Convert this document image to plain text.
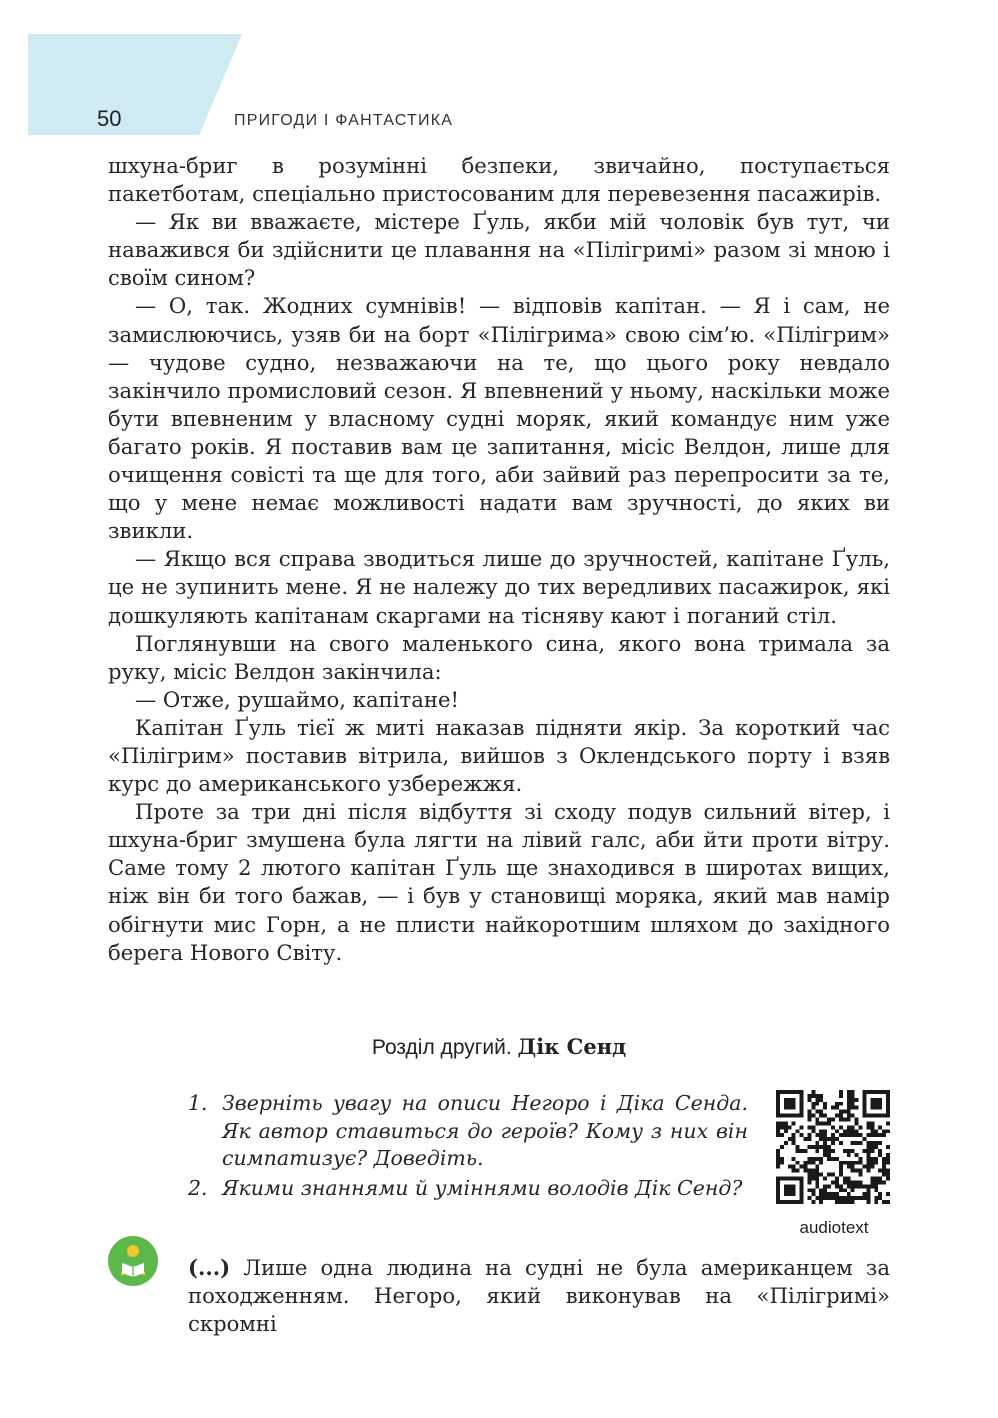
50	ПРИГОДИ І ФАНТАСТИКА

шхуна-бриг в розумінні безпеки, звичайно, поступається пакетботам, спеціально пристосованим для перевезення пасажирів.

— Як ви вважаєте, містере Ґуль, якби мій чоловік був тут, чи наважився би здійснити це плавання на «Пілігримі» разом зі мною і своїм сином?

— О, так. Жодних сумнівів! — відповів капітан. — Я і сам, не замислюючись, узяв би на борт «Пілігрима» свою сім’ю. «Пілігрим» — чудове судно, незважаючи на те, що цього року невдало закінчило промисловий сезон. Я впевнений у ньому, наскільки може бути впевненим у власному судні моряк, який командує ним уже багато років. Я поставив вам це запитання, місіс Велдон, лише для очищення совісті та ще для того, аби зайвий раз перепросити за те, що у мене немає можливості надати вам зручності, до яких ви звикли.

— Якщо вся справа зводиться лише до зручностей, капітане Ґуль, це не зупинить мене. Я не належу до тих вередливих пасажирок, які дошкуляють капітанам скаргами на тісняву кают і поганий стіл.

Поглянувши на свого маленького сина, якого вона тримала за руку, місіс Велдон закінчила:

— Отже, рушаймо, капітане!

Капітан Ґуль тієї ж миті наказав підняти якір. За короткий час «Пілігрим» поставив вітрила, вийшов з Оклендського порту і взяв курс до американського узбережжя.

Проте за три дні після відбуття зі сходу подув сильний вітер, і шхуна-бриг змушена була лягти на лівий галс, аби йти проти вітру. Саме тому 2 лютого капітан Ґуль ще знаходився в широтах вищих, ніж він би того бажав, — і був у становищі моряка, який мав намір обігнути мис Горн, а не плисти найкоротшим шляхом до західного берега Нового Світу.

Розділ другий. Дік Сенд
1. Зверніть увагу на описи Негоро і Діка Сенда. Як автор ставиться до героїв? Кому з них він симпатизує? Доведіть.
2. Якими знаннями й уміннями володів Дік Сенд?
audiotext

(...) Лише одна людина на судні не була американцем за походженням. Негоро, який виконував на «Пілігримі» скромні
